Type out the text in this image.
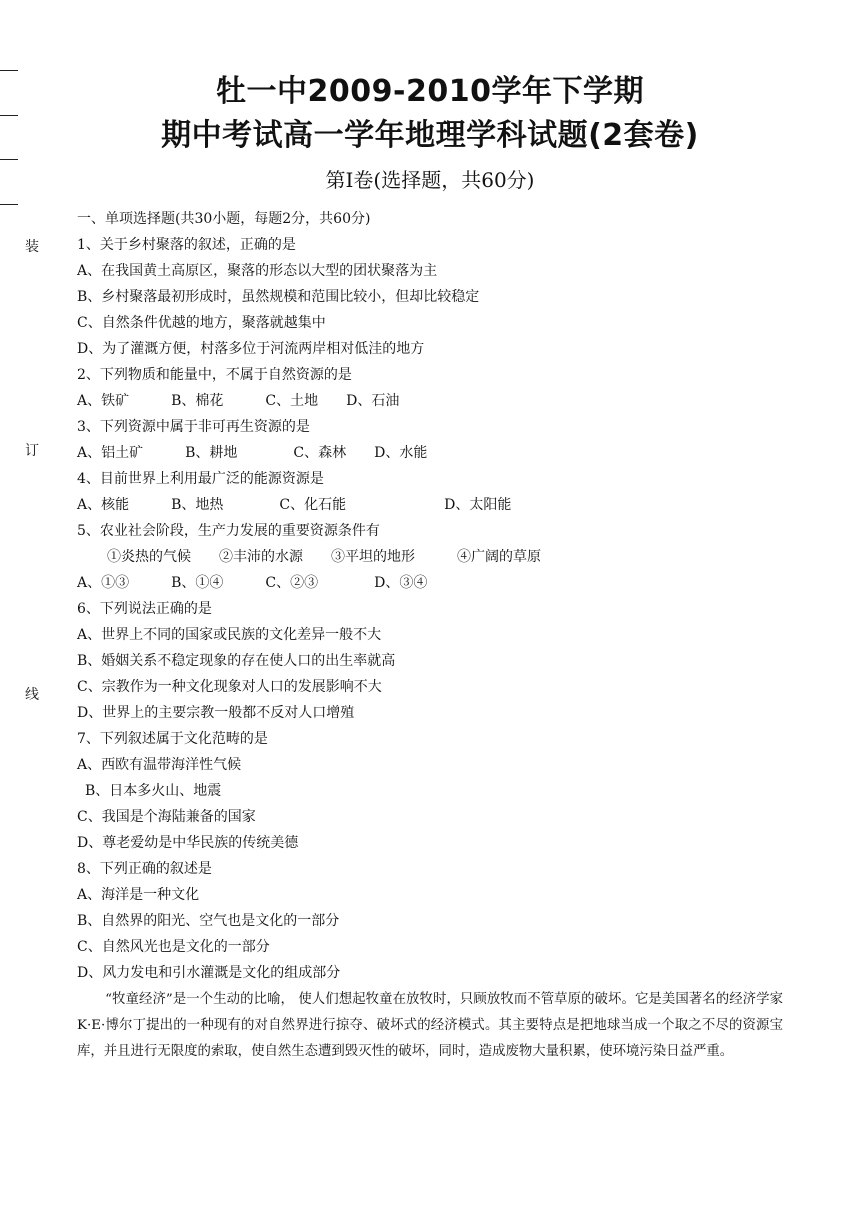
装
订
线
牡一中2009-2010学年下学期
期中考试高一学年地理学科试题(2套卷)
第Ⅰ卷(选择题，共60分)
一、单项选择题(共30小题，每题2分，共60分)
1、关于乡村聚落的叙述，正确的是
A、在我国黄土高原区，聚落的形态以大型的团状聚落为主
B、乡村聚落最初形成时，虽然规模和范围比较小，但却比较稳定
C、自然条件优越的地方，聚落就越集中
D、为了灌溉方便，村落多位于河流两岸相对低洼的地方
2、下列物质和能量中，不属于自然资源的是
A、铁矿　　　B、棉花　　　C、土地　　D、石油
3、下列资源中属于非可再生资源的是
A、铝土矿　　　B、耕地　　　　C、森林　　D、水能
4、目前世界上利用最广泛的能源资源是
A、核能　　　B、地热　　　　C、化石能　　　　　　　D、太阳能
5、农业社会阶段，生产力发展的重要资源条件有
①炎热的气候　　②丰沛的水源　　③平坦的地形　　　④广阔的草原
A、①③　　　B、①④　　　C、②③　　　　D、③④
6、下列说法正确的是
A、世界上不同的国家或民族的文化差异一般不大
B、婚姻关系不稳定现象的存在使人口的出生率就高
C、宗教作为一种文化现象对人口的发展影响不大
D、世界上的主要宗教一般都不反对人口增殖
7、下列叙述属于文化范畴的是
A、西欧有温带海洋性气候
B、日本多火山、地震
C、我国是个海陆兼备的国家
D、尊老爱幼是中华民族的传统美德
8、下列正确的叙述是
A、海洋是一种文化
B、自然界的阳光、空气也是文化的一部分
C、自然风光也是文化的一部分
D、风力发电和引水灌溉是文化的组成部分
“牧童经济”是一个生动的比喻， 使人们想起牧童在放牧时，只顾放牧而不管草原的破坏。它是美国著名的经济学家K·E·博尔丁提出的一种现有的对自然界进行掠夺、破坏式的经济模式。其主要特点是把地球当成一个取之不尽的资源宝库，并且进行无限度的索取，使自然生态遭到毁灭性的破坏，同时，造成废物大量积累，使环境污染日益严重。
